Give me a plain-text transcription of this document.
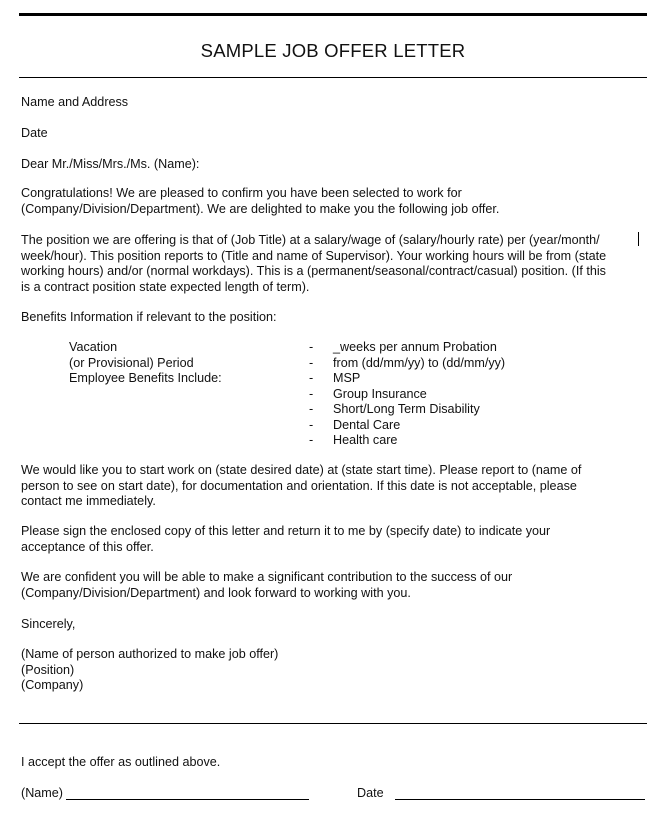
SAMPLE JOB OFFER LETTER
Name and Address
Date
Dear Mr./Miss/Mrs./Ms. (Name):
Congratulations! We are pleased to confirm you have been selected to work for
(Company/Division/Department). We are delighted to make you the following job offer.
The position we are offering is that of (Job Title) at a salary/wage of (salary/hourly rate) per (year/month/
week/hour). This position reports to (Title and name of Supervisor). Your working hours will be from (state
working hours) and/or (normal workdays). This is a (permanent/seasonal/contract/casual) position. (If this
is a contract position state expected length of term).
Benefits Information if relevant to the position:
Vacation
(or Provisional) Period
Employee Benefits Include:
-
-
-
-
-
-
-
_weeks per annum Probation
from (dd/mm/yy) to (dd/mm/yy)
MSP
Group Insurance
Short/Long Term Disability
Dental Care
Health care
We would like you to start work on (state desired date) at (state start time). Please report to (name of
person to see on start date), for documentation and orientation. If this date is not acceptable, please
contact me immediately.
Please sign the enclosed copy of this letter and return it to me by (specify date) to indicate your
acceptance of this offer.
We are confident you will be able to make a significant contribution to the success of our
(Company/Division/Department) and look forward to working with you.
Sincerely,
(Name of person authorized to make job offer)
(Position)
(Company)
I accept the offer as outlined above.
(Name)	Date
